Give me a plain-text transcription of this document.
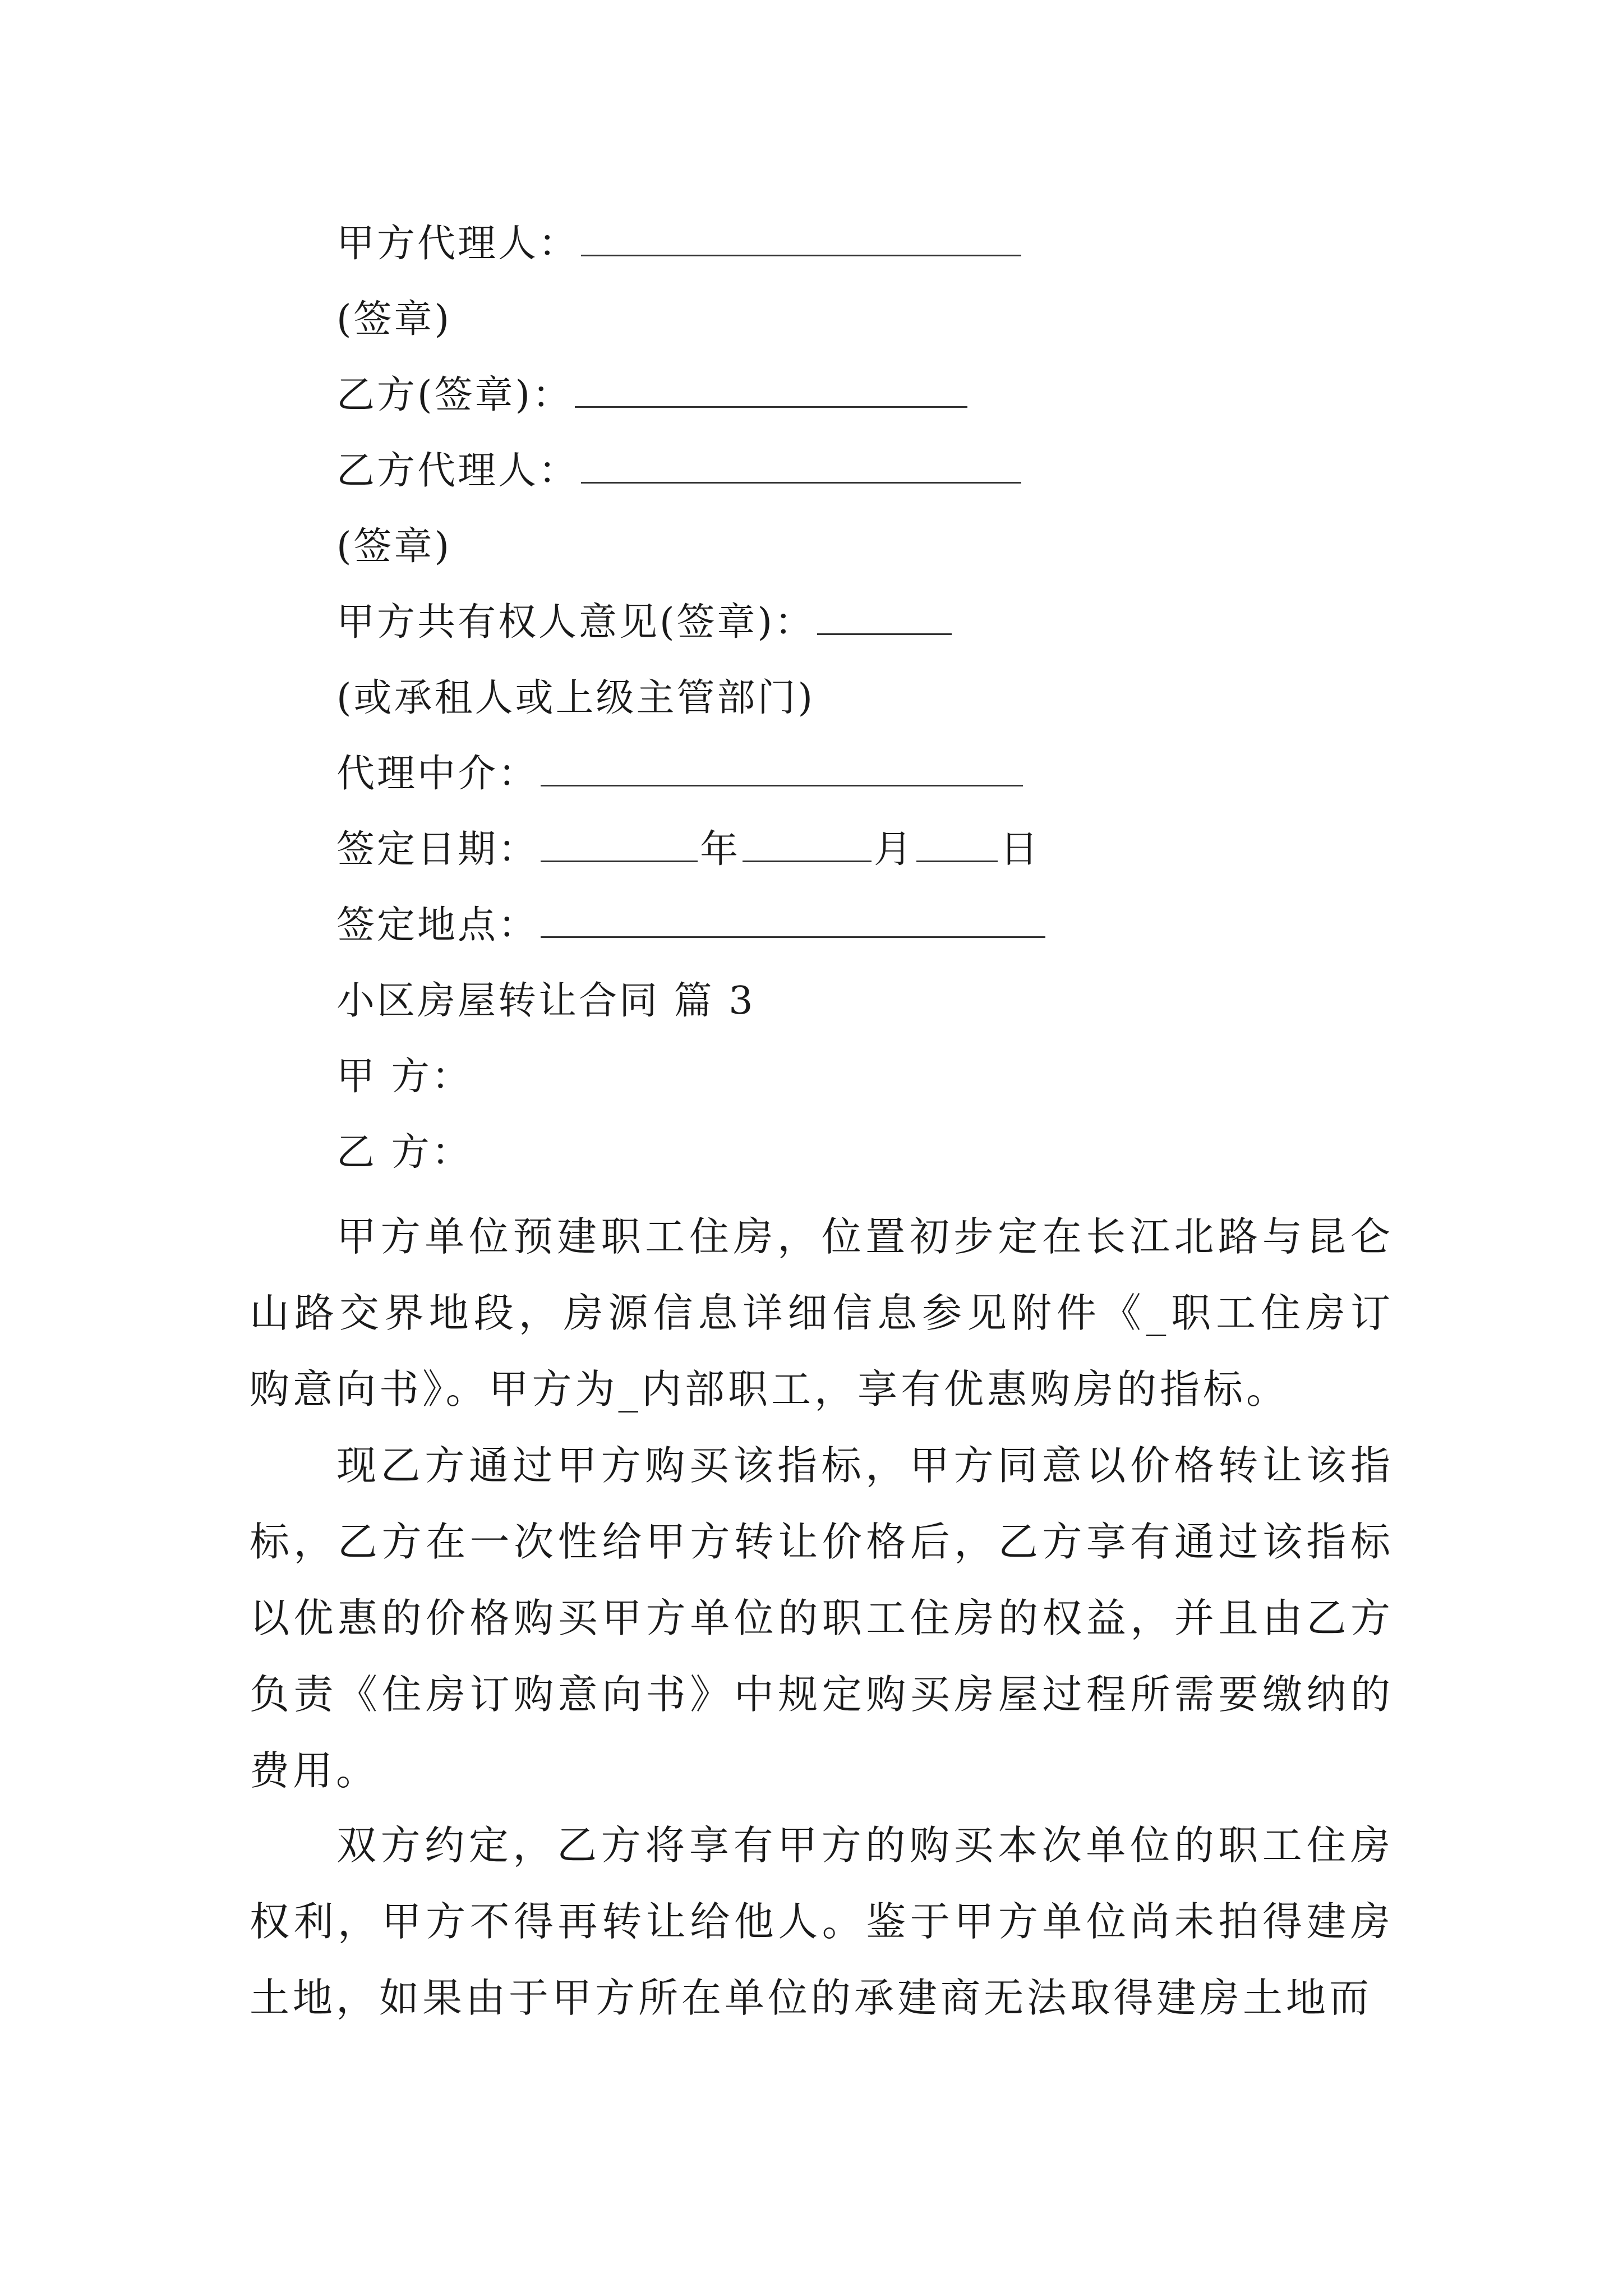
甲方代理人：
(签章)
乙方(签章)：
乙方代理人：
(签章)
甲方共有权人意见(签章)：
(或承租人或上级主管部门)
代理中介：
签定日期：	年	月 日
签定地点：
小区房屋转让合同 篇 3
甲 方：
乙 方：

甲方单位预建职工住房，位置初步定在长江北路与昆仑山路交界地段，房源信息详细信息参见附件《_职工住房订购意向书》。甲方为_内部职工，享有优惠购房的指标。

现乙方通过甲方购买该指标，甲方同意以价格转让该指标，乙方在一次性给甲方转让价格后，乙方享有通过该指标以优惠的价格购买甲方单位的职工住房的权益，并且由乙方负责《住房订购意向书》中规定购买房屋过程所需要缴纳的费用。

双方约定，乙方将享有甲方的购买本次单位的职工住房权利，甲方不得再转让给他人。鉴于甲方单位尚未拍得建房土地，如果由于甲方所在单位的承建商无法取得建房土地而
